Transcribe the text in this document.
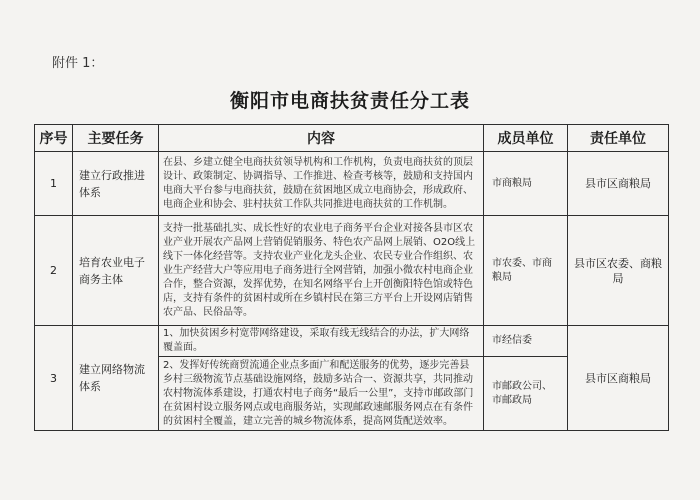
附件 1：
衡阳市电商扶贫责任分工表
序号	主要任务	内容	成员单位	责任单位
1	建立行政推进体系	在县、乡建立健全电商扶贫领导机构和工作机构，负责电商扶贫的顶层设计、政策制定、协调指导、工作推进、检查考核等，鼓励和支持国内电商大平台参与电商扶贫，鼓励在贫困地区成立电商协会，形成政府、电商企业和协会、驻村扶贫工作队共同推进电商扶贫的工作机制。	市商粮局	县市区商粮局
2	培育农业电子商务主体	支持一批基础扎实、成长性好的农业电子商务平台企业对接各县市区农业产业开展农产品网上营销促销服务、特色农产品网上展销、O2O线上线下一体化经营等。支持农业产业化龙头企业、农民专业合作组织、农业生产经营大户等应用电子商务进行全网营销，加强小微农村电商企业合作，整合资源，发挥优势，在知名网络平台上开创衡阳特色馆或特色店，支持有条件的贫困村或所在乡镇村民在第三方平台上开设网店销售农产品、民俗品等。	市农委、市商粮局	县市区农委、商粮局
3	建立网络物流体系	1、加快贫困乡村宽带网络建设，采取有线无线结合的办法，扩大网络覆盖面。	市经信委	县市区商粮局
		2、发挥好传统商贸流通企业点多面广和配送服务的优势，逐步完善县乡村三级物流节点基础设施网络，鼓励多站合一、资源共享，共同推动农村物流体系建设，打通农村电子商务“最后一公里”，支持市邮政部门在贫困村设立服务网点或电商服务站，实现邮政速邮服务网点在有条件的贫困村全覆盖，建立完善的城乡物流体系，提高网货配送效率。	市邮政公司、市邮政局	
